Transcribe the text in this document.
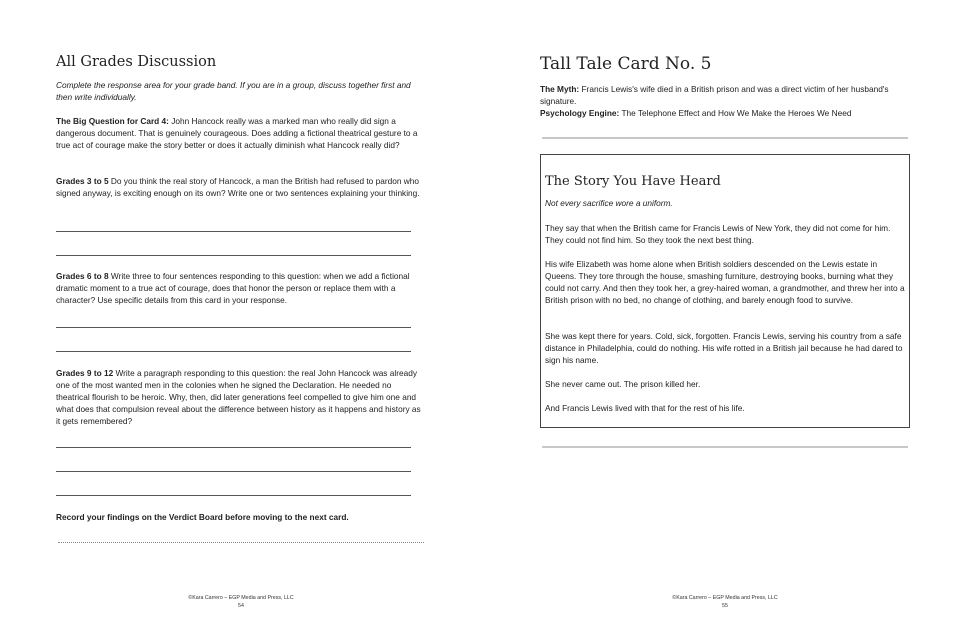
All Grades Discussion
Complete the response area for your grade band. If you are in a group, discuss together first and then write individually.
The Big Question for Card 4: John Hancock really was a marked man who really did sign a dangerous document. That is genuinely courageous. Does adding a fictional theatrical gesture to a true act of courage make the story better or does it actually diminish what Hancock really did?
Grades 3 to 5 Do you think the real story of Hancock, a man the British had refused to pardon who signed anyway, is exciting enough on its own? Write one or two sentences explaining your thinking.
Grades 6 to 8 Write three to four sentences responding to this question: when we add a fictional dramatic moment to a true act of courage, does that honor the person or replace them with a character? Use specific details from this card in your response.
Grades 9 to 12 Write a paragraph responding to this question: the real John Hancock was already one of the most wanted men in the colonies when he signed the Declaration. He needed no theatrical flourish to be heroic. Why, then, did later generations feel compelled to give him one and what does that compulsion reveal about the difference between history as it happens and history as it gets remembered?
Record your findings on the Verdict Board before moving to the next card.
©Kara Carrero – EGP Media and Press, LLC
54
Tall Tale Card No. 5
The Myth: Francis Lewis's wife died in a British prison and was a direct victim of her husband's signature.
Psychology Engine: The Telephone Effect and How We Make the Heroes We Need
The Story You Have Heard
Not every sacrifice wore a uniform.
They say that when the British came for Francis Lewis of New York, they did not come for him. They could not find him. So they took the next best thing.
His wife Elizabeth was home alone when British soldiers descended on the Lewis estate in Queens. They tore through the house, smashing furniture, destroying books, burning what they could not carry. And then they took her, a grey-haired woman, a grandmother, and threw her into a British prison with no bed, no change of clothing, and barely enough food to survive.
She was kept there for years. Cold, sick, forgotten. Francis Lewis, serving his country from a safe distance in Philadelphia, could do nothing. His wife rotted in a British jail because he had dared to sign his name.
She never came out. The prison killed her.
And Francis Lewis lived with that for the rest of his life.
©Kara Carrero – EGP Media and Press, LLC
55
